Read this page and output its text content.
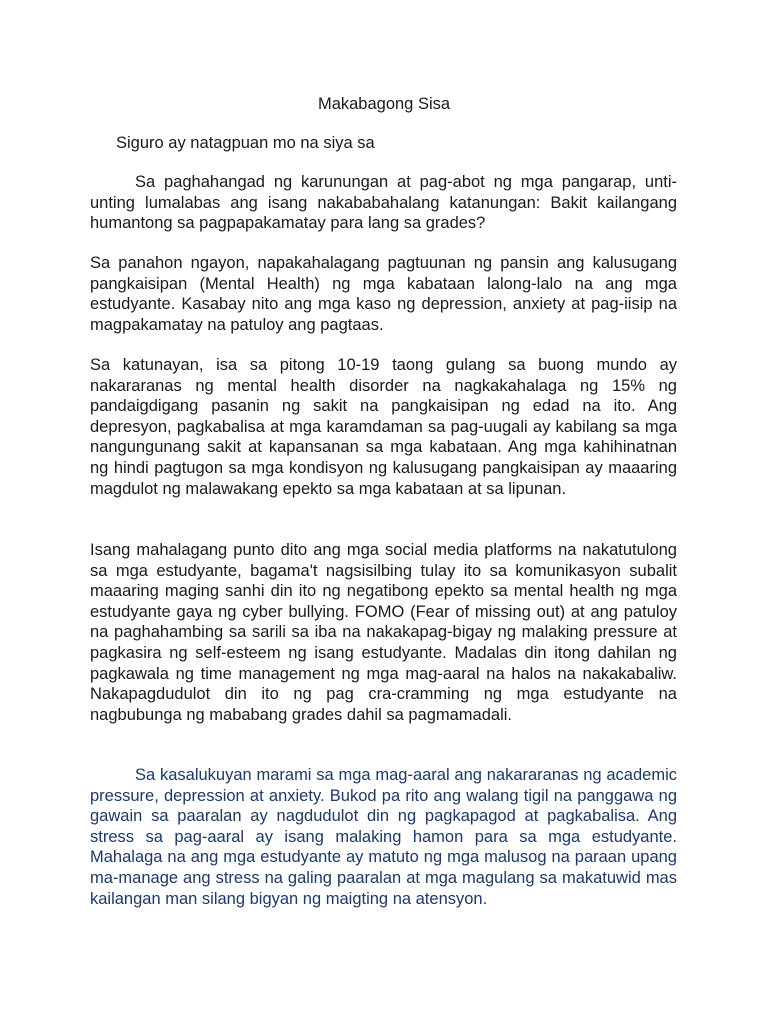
Makabagong Sisa

Siguro ay natagpuan mo na siya sa

Sa paghahangad ng karunungan at pag-abot ng mga pangarap, unti-unting lumalabas ang isang nakababahalang katanungan: Bakit kailangang humantong sa pagpapakamatay para lang sa grades?

Sa panahon ngayon, napakahalagang pagtuunan ng pansin ang kalusugang pangkaisipan (Mental Health) ng mga kabataan lalong-lalo na ang mga estudyante. Kasabay nito ang mga kaso ng depression, anxiety at pag-iisip na magpakamatay na patuloy ang pagtaas.

Sa katunayan, isa sa pitong 10-19 taong gulang sa buong mundo ay nakararanas ng mental health disorder na nagkakahalaga ng 15% ng pandaigdigang pasanin ng sakit na pangkaisipan ng edad na ito. Ang depresyon, pagkabalisa at mga karamdaman sa pag-uugali ay kabilang sa mga nangungunang sakit at kapansanan sa mga kabataan. Ang mga kahihinatnan ng hindi pagtugon sa mga kondisyon ng kalusugang pangkaisipan ay maaaring magdulot ng malawakang epekto sa mga kabataan at sa lipunan.

Isang mahalagang punto dito ang mga social media platforms na nakatutulong sa mga estudyante, bagama't nagsisilbing tulay ito sa komunikasyon subalit maaaring maging sanhi din ito ng negatibong epekto sa mental health ng mga estudyante gaya ng cyber bullying. FOMO (Fear of missing out) at ang patuloy na paghahambing sa sarili sa iba na nakakapag-bigay ng malaking pressure at pagkasira ng self-esteem ng isang estudyante. Madalas din itong dahilan ng pagkawala ng time management ng mga mag-aaral na halos na nakakabaliw. Nakapagdudulot din ito ng pag cra-cramming ng mga estudyante na nagbubunga ng mababang grades dahil sa pagmamadali.

Sa kasalukuyan marami sa mga mag-aaral ang nakararanas ng academic pressure, depression at anxiety. Bukod pa rito ang walang tigil na panggawa ng gawain sa paaralan ay nagdudulot din ng pagkapagod at pagkabalisa. Ang stress sa pag-aaral ay isang malaking hamon para sa mga estudyante. Mahalaga na ang mga estudyante ay matuto ng mga malusog na paraan upang ma-manage ang stress na galing paaralan at mga magulang sa makatuwid mas kailangan man silang bigyan ng maigting na atensyon.
